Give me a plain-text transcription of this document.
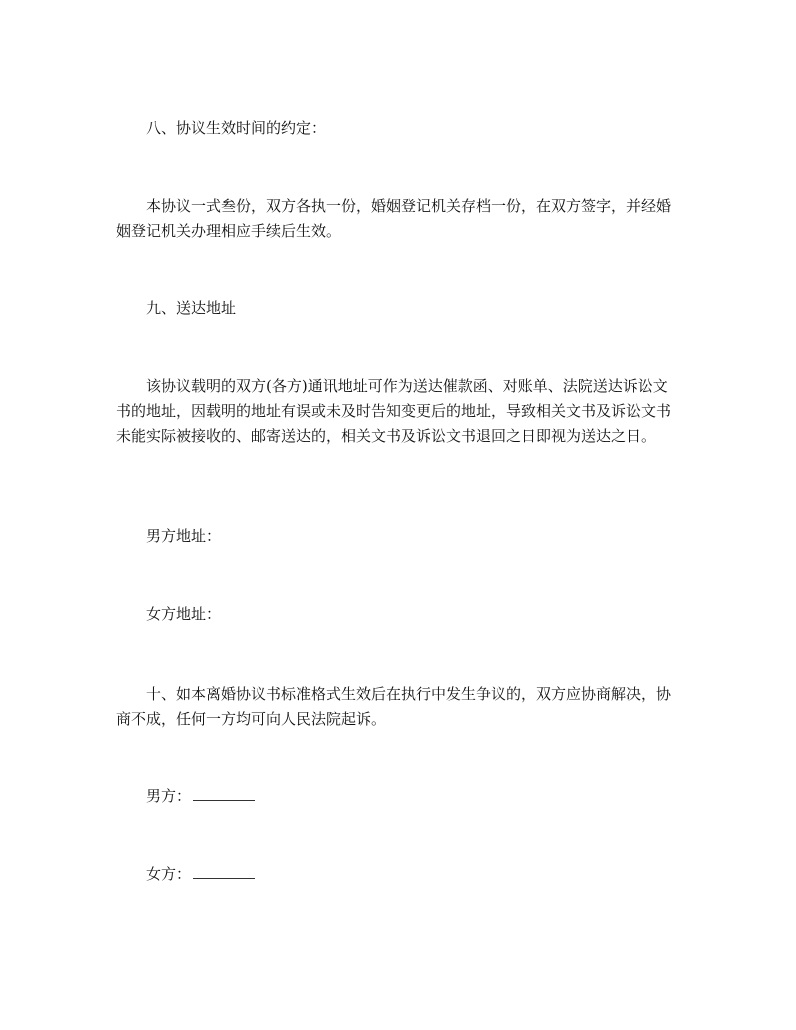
八、协议生效时间的约定：

本协议一式叁份，双方各执一份，婚姻登记机关存档一份，在双方签字，并经婚姻登记机关办理相应手续后生效。

九、送达地址

该协议载明的双方(各方)通讯地址可作为送达催款函、对账单、法院送达诉讼文书的地址，因载明的地址有误或未及时告知变更后的地址，导致相关文书及诉讼文书未能实际被接收的、邮寄送达的，相关文书及诉讼文书退回之日即视为送达之日。

男方地址：

女方地址：

十、如本离婚协议书标准格式生效后在执行中发生争议的，双方应协商解决，协商不成，任何一方均可向人民法院起诉。

男方：

女方：
